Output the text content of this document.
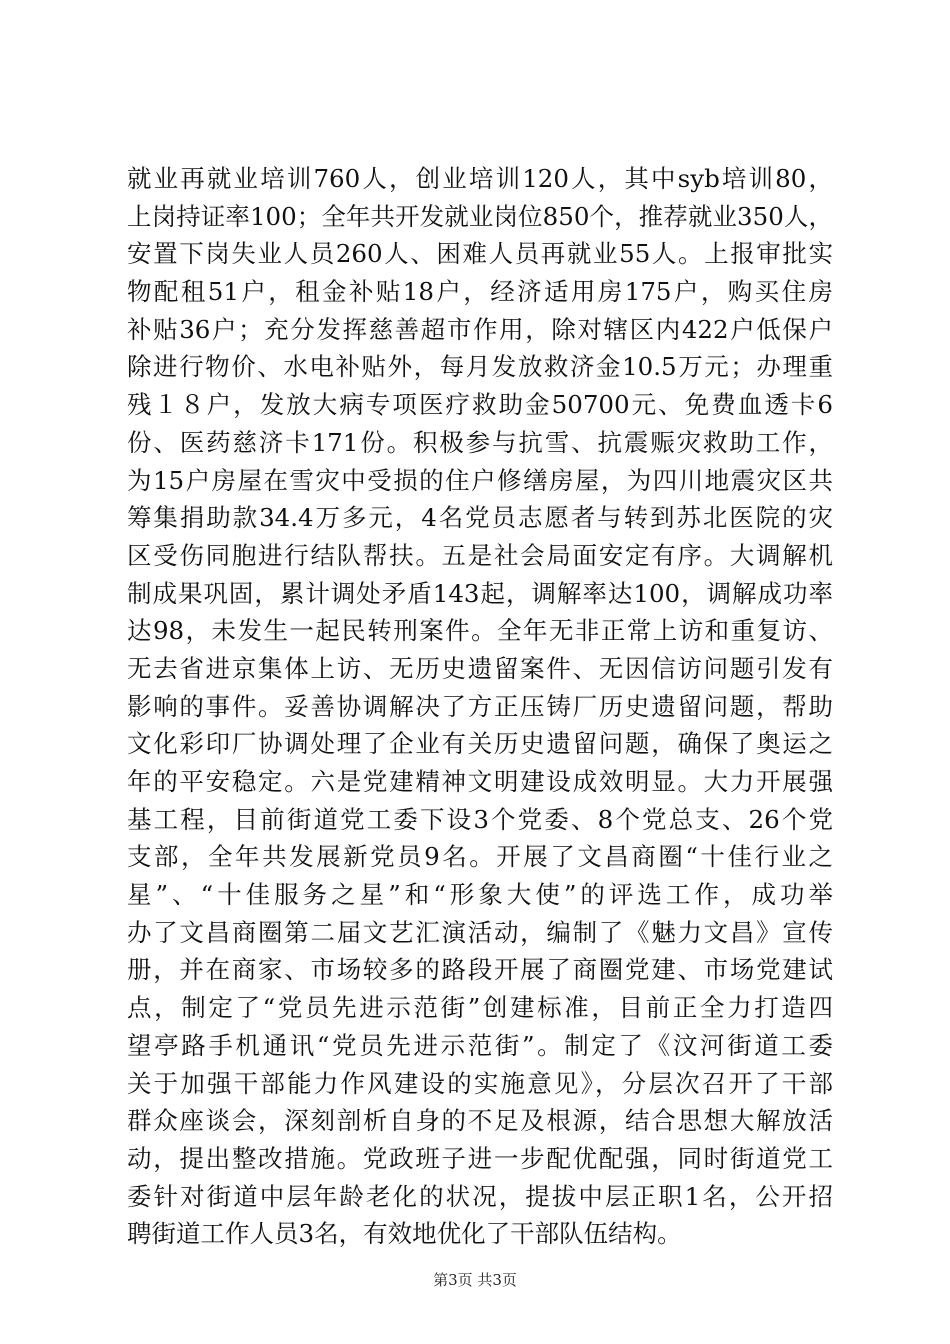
就业再就业培训760人，创业培训120人，其中syb培训80，
上岗持证率100；全年共开发就业岗位850个，推荐就业350人，
安置下岗失业人员260人、困难人员再就业55人。上报审批实
物配租51户，租金补贴18户，经济适用房175户，购买住房
补贴36户；充分发挥慈善超市作用，除对辖区内422户低保户
除进行物价、水电补贴外，每月发放救济金10.5万元；办理重
残１８户，发放大病专项医疗救助金50700元、免费血透卡6
份、医药慈济卡171份。积极参与抗雪、抗震赈灾救助工作，
为15户房屋在雪灾中受损的住户修缮房屋，为四川地震灾区共
筹集捐助款34.4万多元，4名党员志愿者与转到苏北医院的灾
区受伤同胞进行结队帮扶。五是社会局面安定有序。大调解机
制成果巩固，累计调处矛盾143起，调解率达100，调解成功率
达98，未发生一起民转刑案件。全年无非正常上访和重复访、
无去省进京集体上访、无历史遗留案件、无因信访问题引发有
影响的事件。妥善协调解决了方正压铸厂历史遗留问题，帮助
文化彩印厂协调处理了企业有关历史遗留问题，确保了奥运之
年的平安稳定。六是党建精神文明建设成效明显。大力开展强
基工程，目前街道党工委下设3个党委、8个党总支、26个党
支部，全年共发展新党员9名。开展了文昌商圈“十佳行业之
星”、“十佳服务之星”和“形象大使”的评选工作，成功举
办了文昌商圈第二届文艺汇演活动，编制了《魅力文昌》宣传
册，并在商家、市场较多的路段开展了商圈党建、市场党建试
点，制定了“党员先进示范街”创建标准，目前正全力打造四
望亭路手机通讯“党员先进示范街”。制定了《汶河街道工委
关于加强干部能力作风建设的实施意见》，分层次召开了干部
群众座谈会，深刻剖析自身的不足及根源，结合思想大解放活
动，提出整改措施。党政班子进一步配优配强，同时街道党工
委针对街道中层年龄老化的状况，提拔中层正职1名，公开招
聘街道工作人员3名，有效地优化了干部队伍结构。
第3页 共3页
